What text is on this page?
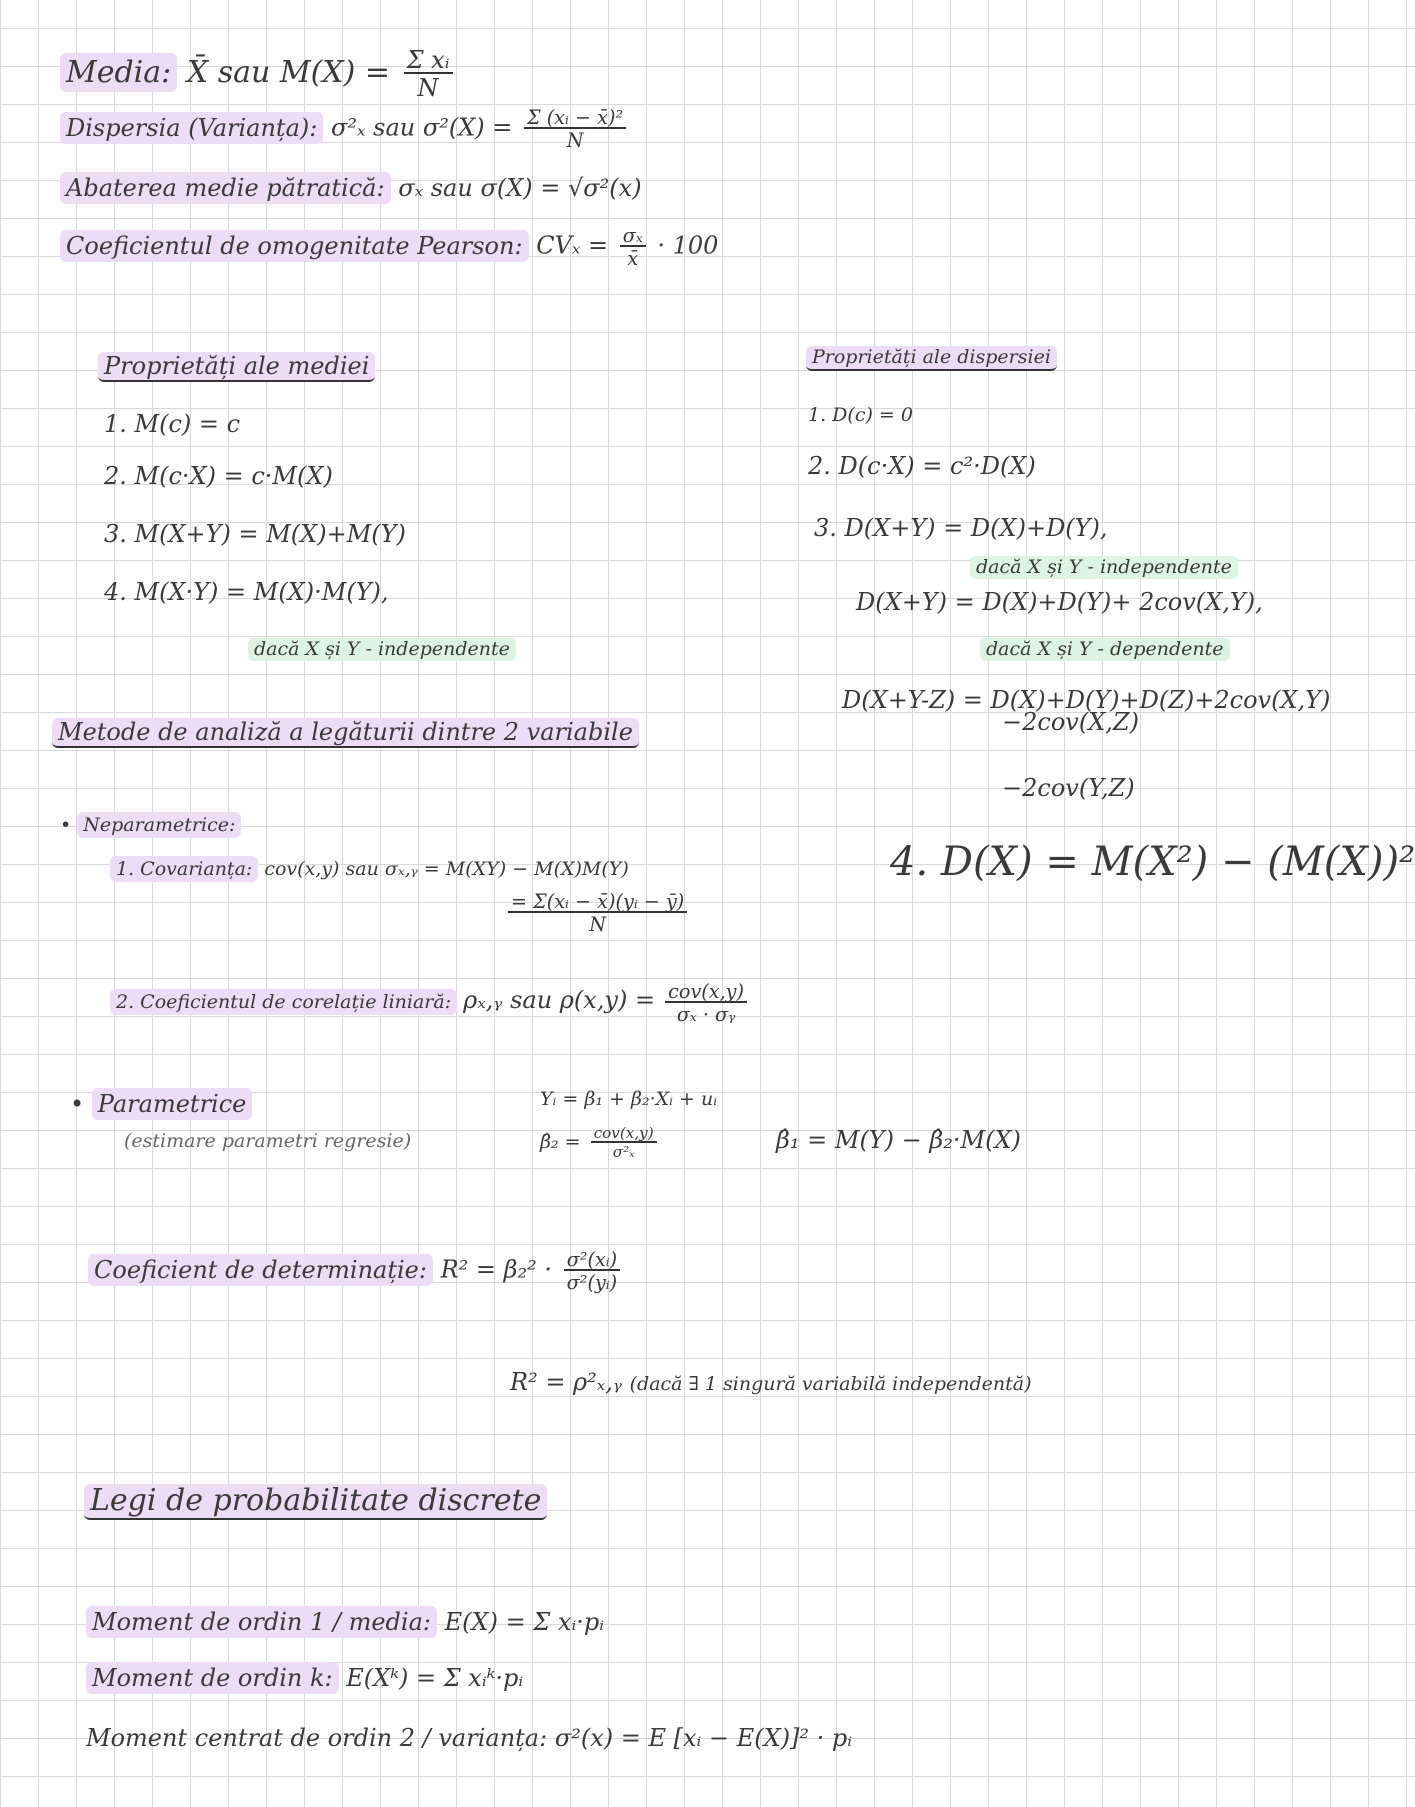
Media: X̄ sau $M(X) = \frac{\text{Σ xᵢ}}{N}$
Dispersia (Varianța): σ²ₓ sau $\sigma^2(X) = \frac{\text{Σ (xᵢ − x̄)²}}{N}$
Abaterea medie pătratică: σₓ sau σ(X) = √σ²(x)
Coeficientul de omogenitate Pearson: $CV_x = \frac{\text{σₓ}}{x̄} \cdot 100$
Proprietăți ale mediei
1. M(c) = c
2. M(c·X) = c·M(X)
3. M(X+Y) = M(X)+M(Y)
4. M(X·Y) = M(X)·M(Y),
dacă X și Y - independente
Proprietăți ale dispersiei
1. D(c) = 0
2. D(c·X) = c²·D(X)
3. D(X+Y) = D(X)+D(Y),
dacă X și Y - independente
D(X+Y) = D(X)+D(Y)+ 2cov(X,Y),
dacă X și Y - dependente
D(X+Y-Z) = D(X)+D(Y)+D(Z)+2cov(X,Y)
−2cov(X,Z)
−2cov(Y,Z)
4. D(X) = M(X²) − (M(X))²
Metode de analiză a legăturii dintre 2 variabile
• Neparametrice:
1. Covarianța: cov(x,y) sau σₓ,ᵧ = M(XY) − M(X)M(Y)
$\frac{\text{= Σ(xᵢ − x̄)(yᵢ − ȳ)}}{N}$
2. Coeficientul de corelație liniară: ρₓ,ᵧ sau $\rho(x,y) = \frac{\text{cov(x,y)}}{\text{σₓ · σᵧ}}$
• Parametrice
(estimare parametri regresie)
Yᵢ = β₁ + β₂·Xᵢ + uᵢ
β̂₂ = $\frac{\text{cov(x,y)}}{\text{σ²ₓ}}$	β̂₁ = M(Y) − β̂₂·M(X)
Coeficient de determinație: $R^2 = \beta_2^2 \cdot \frac{\text{σ²(xᵢ)}}{\text{σ²(yᵢ)}}$
R² = ρ²ₓ,ᵧ (dacă ∃ 1 singură variabilă independentă)
Legi de probabilitate discrete
Moment de ordin 1 / media: E(X) = Σ xᵢ·pᵢ
Moment de ordin k: E(Xᵏ) = Σ xᵢᵏ·pᵢ
Moment centrat de ordin 2 / varianța: σ²(x) = E [xᵢ − E(X)]² · pᵢ
